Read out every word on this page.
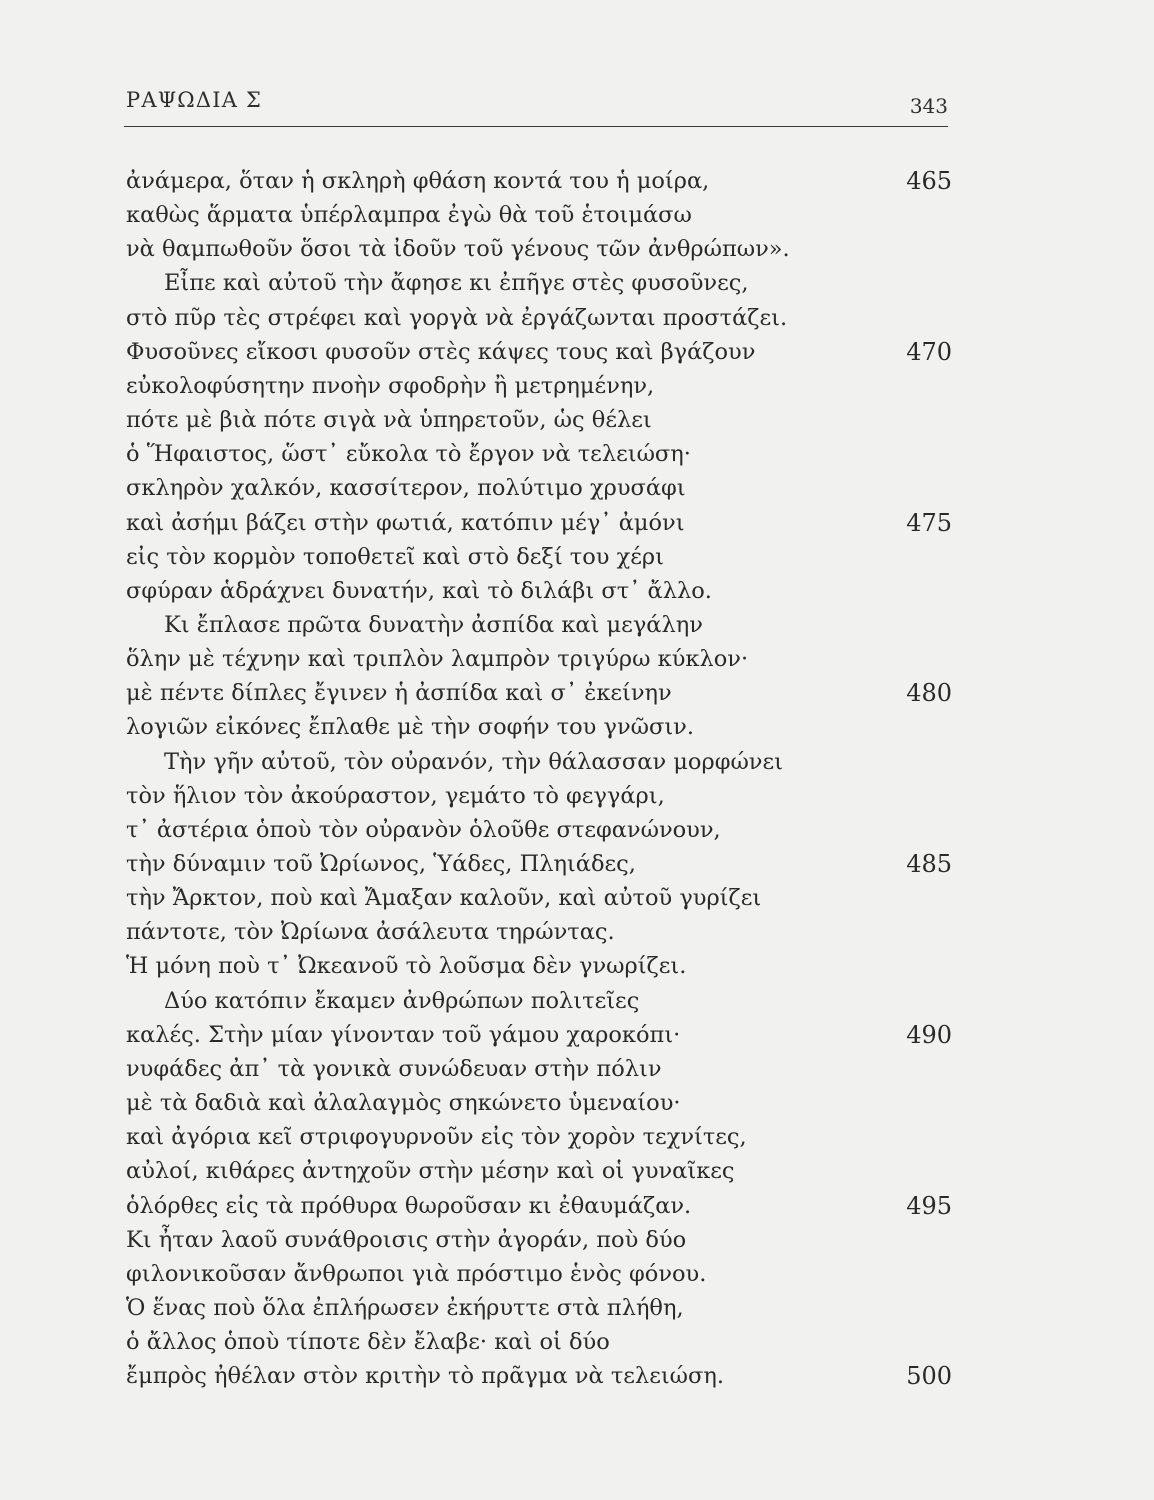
ΡΑΨΩΔΙΑ Σ	343
ἀνάμερα, ὅταν ἡ σκληρὴ φθάση κοντά του ἡ μοίρα,	465
καθὼς ἅρματα ὑπέρλαμπρα ἐγὼ θὰ τοῦ ἑτοιμάσω
νὰ θαμπωθοῦν ὅσοι τὰ ἰδοῦν τοῦ γένους τῶν ἀνθρώπων».
Εἶπε καὶ αὐτοῦ τὴν ἄφησε κι ἐπῆγε στὲς φυσοῦνες,
στὸ πῦρ τὲς στρέφει καὶ γοργὰ νὰ ἐργάζωνται προστάζει.
Φυσοῦνες εἴκοσι φυσοῦν στὲς κάψες τους καὶ βγάζουν	470
εὐκολοφύσητην πνοὴν σφοδρὴν ἢ μετρημένην,
πότε μὲ βιὰ πότε σιγὰ νὰ ὑπηρετοῦν, ὡς θέλει
ὁ Ἥφαιστος, ὥστ᾽ εὔκολα τὸ ἔργον νὰ τελειώση·
σκληρὸν χαλκόν, κασσίτερον, πολύτιμο χρυσάφι
καὶ ἀσήμι βάζει στὴν φωτιά, κατόπιν μέγ᾽ ἀμόνι	475
εἰς τὸν κορμὸν τοποθετεῖ καὶ στὸ δεξί του χέρι
σφύραν ἁδράχνει δυνατήν, καὶ τὸ διλάβι στ᾽ ἄλλο.
Κι ἔπλασε πρῶτα δυνατὴν ἀσπίδα καὶ μεγάλην
ὅλην μὲ τέχνην καὶ τριπλὸν λαμπρὸν τριγύρω κύκλον·
μὲ πέντε δίπλες ἔγινεν ἡ ἀσπίδα καὶ σ᾽ ἐκείνην	480
λογιῶν εἰκόνες ἔπλαθε μὲ τὴν σοφήν του γνῶσιν.
Τὴν γῆν αὐτοῦ, τὸν οὐρανόν, τὴν θάλασσαν μορφώνει
τὸν ἥλιον τὸν ἀκούραστον, γεμάτο τὸ φεγγάρι,
τ᾽ ἀστέρια ὁποὺ τὸν οὐρανὸν ὁλοῦθε στεφανώνουν,
τὴν δύναμιν τοῦ Ὠρίωνος, Ὑάδες, Πληιάδες,	485
τὴν Ἄρκτον, ποὺ καὶ Ἄμαξαν καλοῦν, καὶ αὐτοῦ γυρίζει
πάντοτε, τὸν Ὠρίωνα ἀσάλευτα τηρώντας.
Ἡ μόνη ποὺ τ᾽ Ὠκεανοῦ τὸ λοῦσμα δὲν γνωρίζει.
Δύο κατόπιν ἔκαμεν ἀνθρώπων πολιτεῖες
καλές. Στὴν μίαν γίνονταν τοῦ γάμου χαροκόπι·	490
νυφάδες ἀπ᾽ τὰ γονικὰ συνώδευαν στὴν πόλιν
μὲ τὰ δαδιὰ καὶ ἀλαλαγμὸς σηκώνετο ὑμεναίου·
καὶ ἀγόρια κεῖ στριφογυρνοῦν εἰς τὸν χορὸν τεχνίτες,
αὐλοί, κιθάρες ἀντηχοῦν στὴν μέσην καὶ οἱ γυναῖκες
ὁλόρθες εἰς τὰ πρόθυρα θωροῦσαν κι ἐθαυμάζαν.	495
Κι ἦταν λαοῦ συνάθροισις στὴν ἀγοράν, ποὺ δύο
φιλονικοῦσαν ἄνθρωποι γιὰ πρόστιμο ἑνὸς φόνου.
Ὁ ἕνας ποὺ ὅλα ἐπλήρωσεν ἐκήρυττε στὰ πλήθη,
ὁ ἄλλος ὁποὺ τίποτε δὲν ἔλαβε· καὶ οἱ δύο
ἔμπρὸς ἠθέλαν στὸν κριτὴν τὸ πρᾶγμα νὰ τελειώση.	500
